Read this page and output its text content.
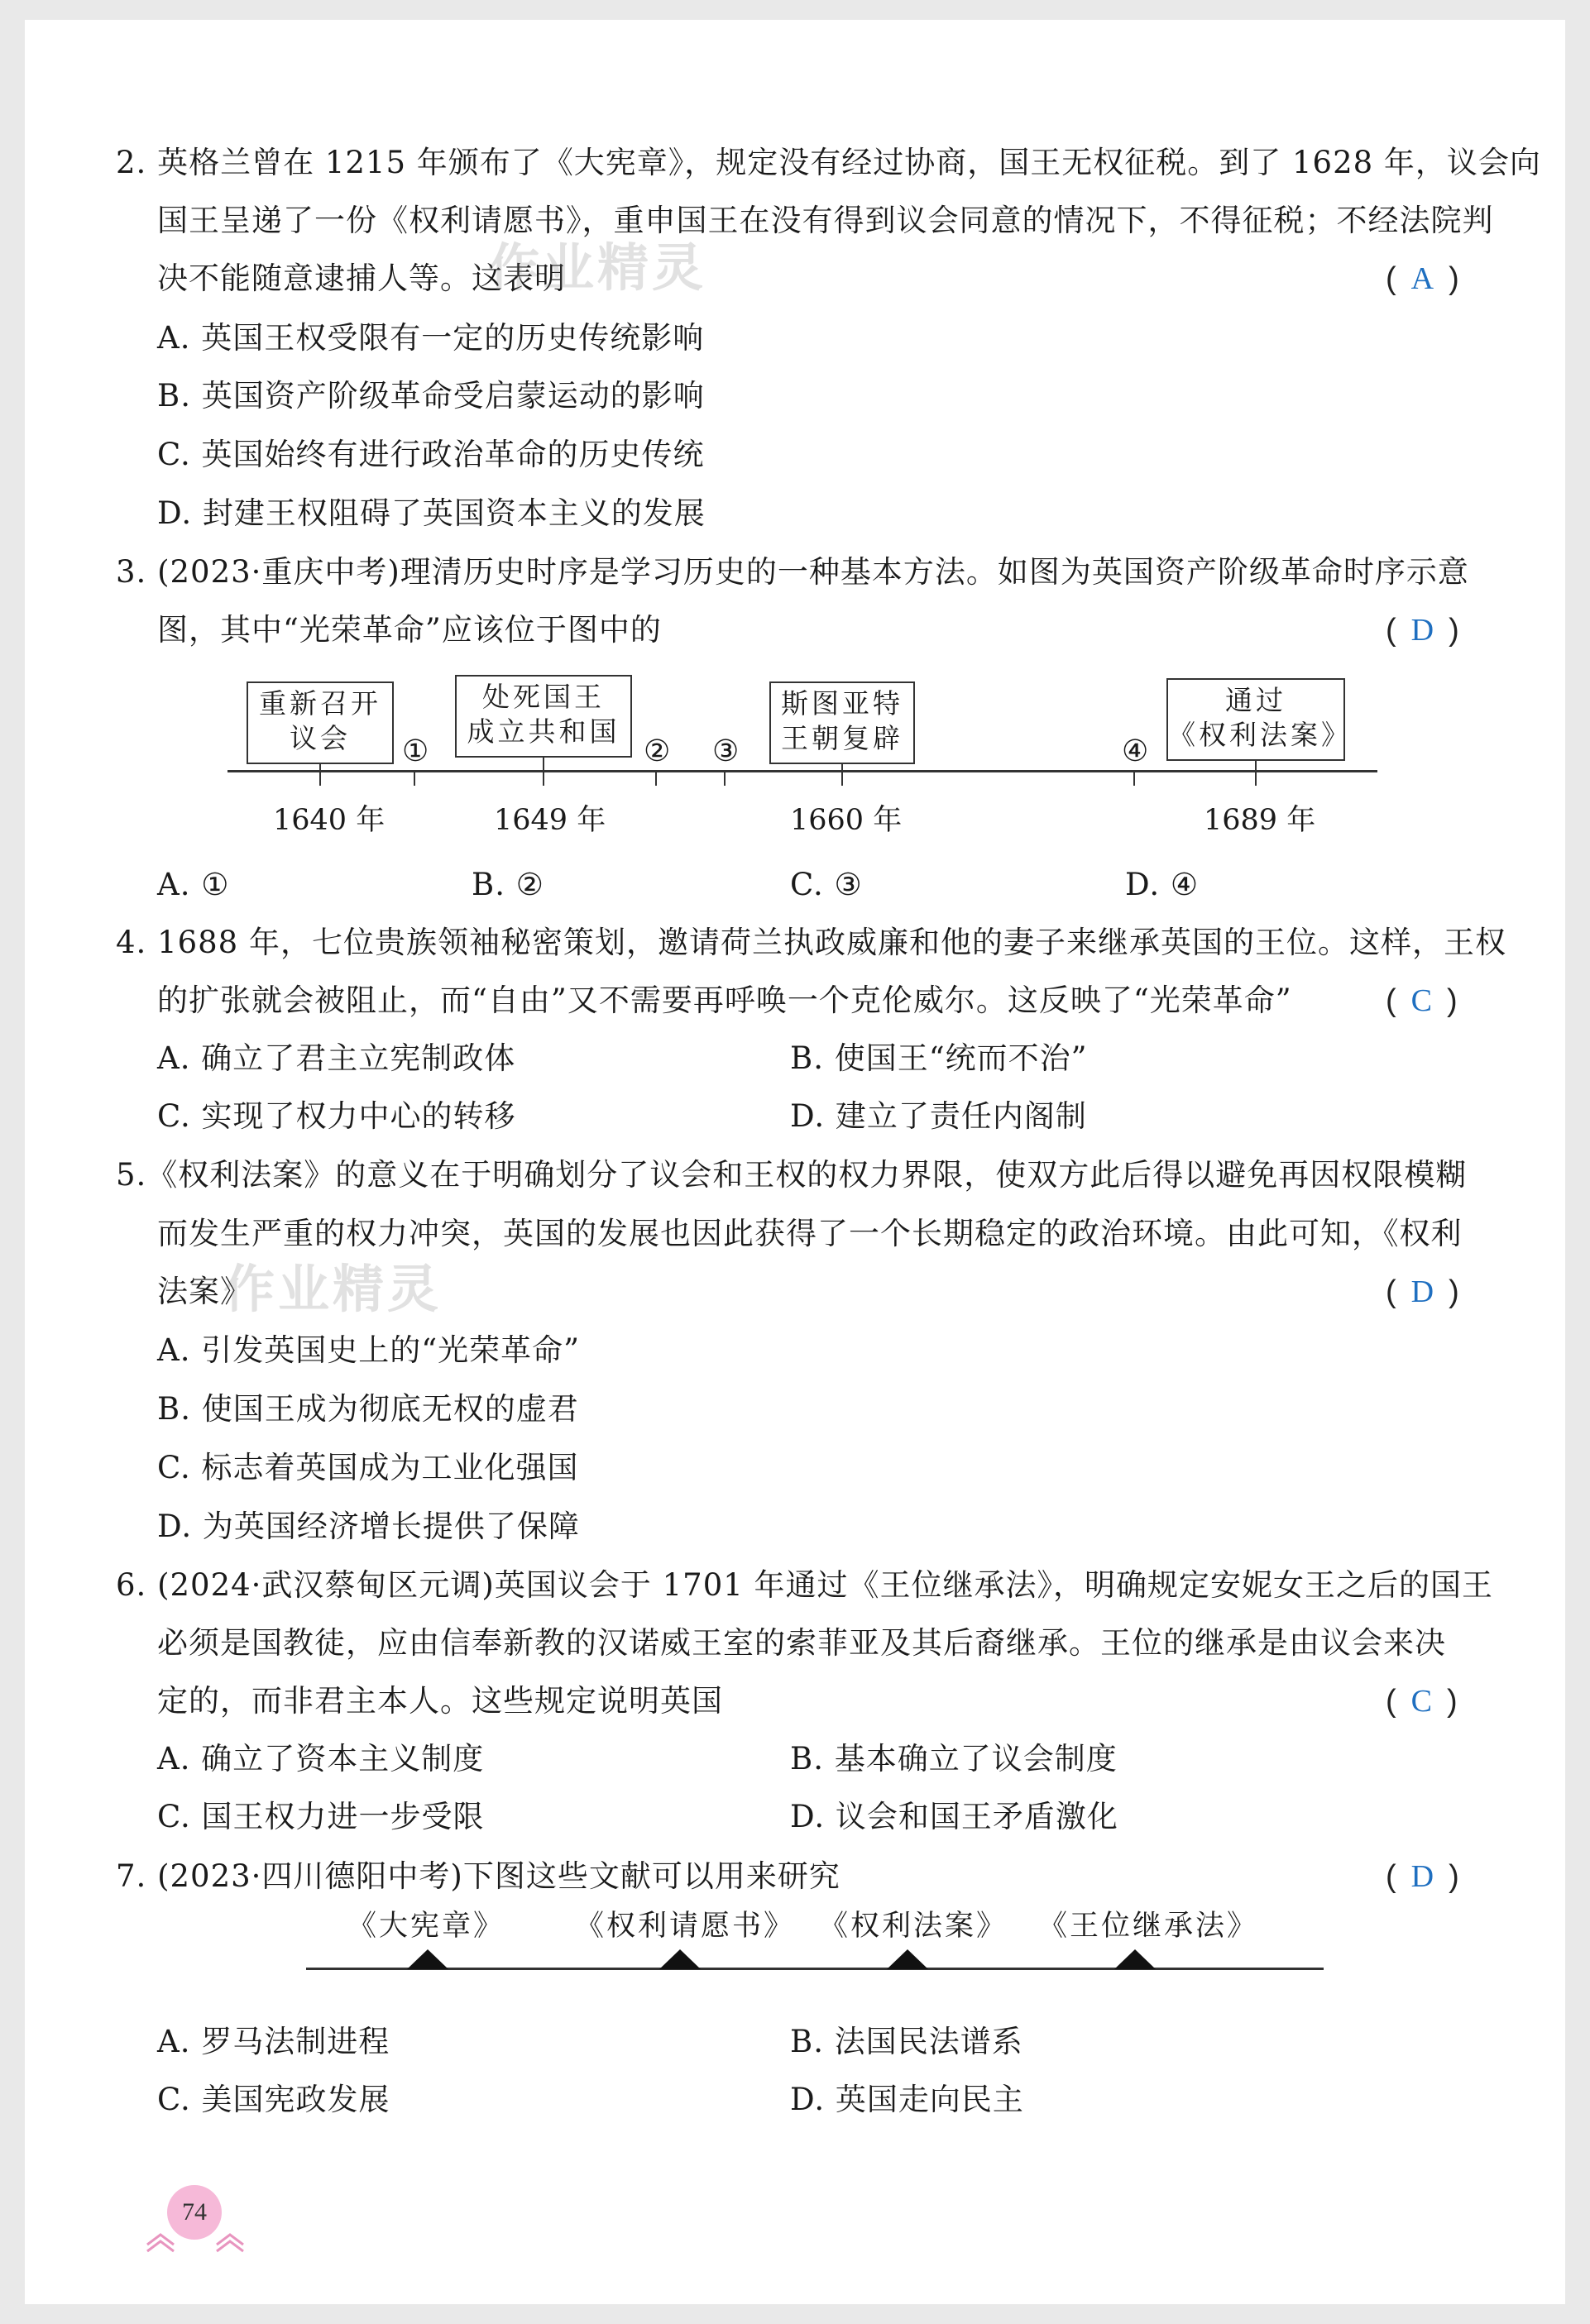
2. 英格兰曾在 1215 年颁布了《大宪章》，规定没有经过协商，国王无权征税。到了 1628 年，议会向
国王呈递了一份《权利请愿书》，重申国王在没有得到议会同意的情况下，不得征税；不经法院判
决不能随意逮捕人等。这表明	( A )
A. 英国王权受限有一定的历史传统影响
B. 英国资产阶级革命受启蒙运动的影响
C. 英国始终有进行政治革命的历史传统
D. 封建王权阻碍了英国资本主义的发展
作业精灵
3. (2023·重庆中考)理清历史时序是学习历史的一种基本方法。如图为英国资产阶级革命时序示意
图，其中“光荣革命”应该位于图中的	( D )
重新召开
议会
处死国王
成立共和国
斯图亚特
王朝复辟
通过
《权利法案》
①	② ③	④
1640 年	1649 年	1660 年	1689 年
A. ①	B. ②	C. ③	D. ④
4. 1688 年，七位贵族领袖秘密策划，邀请荷兰执政威廉和他的妻子来继承英国的王位。这样，王权
的扩张就会被阻止，而“自由”又不需要再呼唤一个克伦威尔。这反映了“光荣革命”	( C )
A. 确立了君主立宪制政体	B. 使国王“统而不治”
C. 实现了权力中心的转移	D. 建立了责任内阁制
5.《权利法案》的意义在于明确划分了议会和王权的权力界限，使双方此后得以避免再因权限模糊
而发生严重的权力冲突，英国的发展也因此获得了一个长期稳定的政治环境。由此可知，《权利
法案》	( D )
作业精灵
A. 引发英国史上的“光荣革命”
B. 使国王成为彻底无权的虚君
C. 标志着英国成为工业化强国
D. 为英国经济增长提供了保障
6. (2024·武汉蔡甸区元调)英国议会于 1701 年通过《王位继承法》，明确规定安妮女王之后的国王
必须是国教徒，应由信奉新教的汉诺威王室的索菲亚及其后裔继承。王位的继承是由议会来决
定的，而非君主本人。这些规定说明英国	( C )
A. 确立了资本主义制度	B. 基本确立了议会制度
C. 国王权力进一步受限	D. 议会和国王矛盾激化
7. (2023·四川德阳中考)下图这些文献可以用来研究	( D )
《大宪章》 《权利请愿书》 《权利法案》 《王位继承法》
A. 罗马法制进程	B. 法国民法谱系
C. 美国宪政发展	D. 英国走向民主
74
